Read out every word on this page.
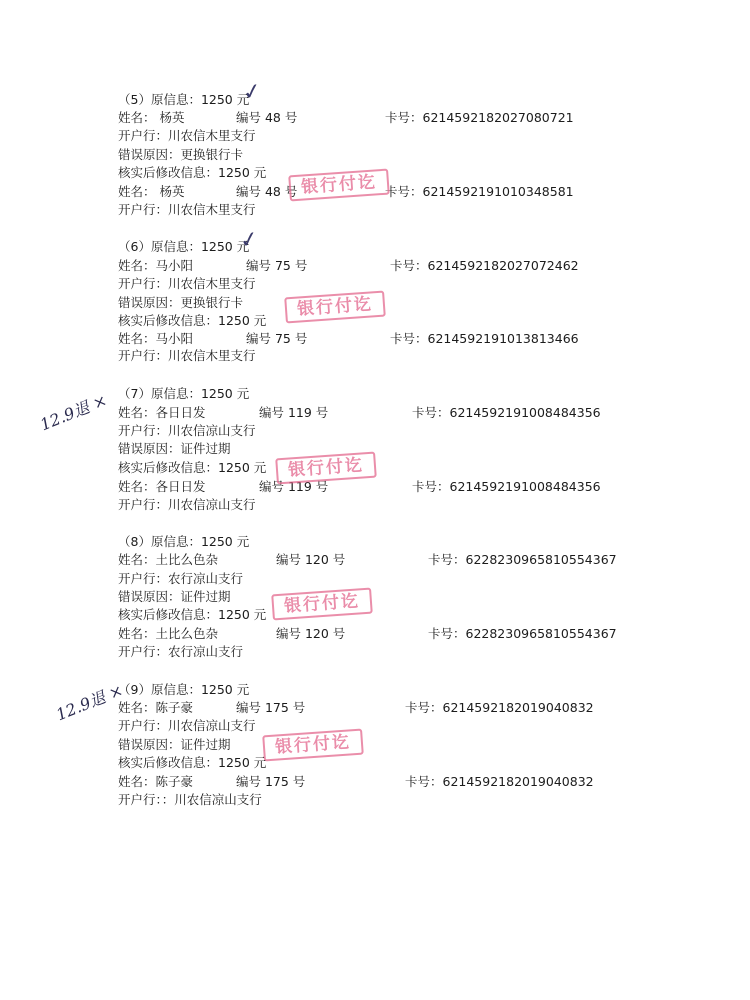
（5）原信息：1250 元
姓名： 杨英	编号 48 号	卡号：6214592182027080721
开户行：川农信木里支行
错误原因：更换银行卡
核实后修改信息：1250 元
姓名： 杨英	编号 48 号	卡号：6214592191010348581
开户行：川农信木里支行
（6）原信息：1250 元
姓名：马小阳	编号 75 号	卡号：6214592182027072462
开户行：川农信木里支行
错误原因：更换银行卡
核实后修改信息：1250 元
姓名：马小阳	编号 75 号	卡号：6214592191013813466
开户行：川农信木里支行
（7）原信息：1250 元
姓名：各日日发	编号 119 号	卡号：6214592191008484356
开户行：川农信凉山支行
错误原因：证件过期
核实后修改信息：1250 元
姓名：各日日发	编号 119 号	卡号：6214592191008484356
开户行：川农信凉山支行
（8）原信息：1250 元
姓名：土比么色杂	编号 120 号	卡号：6228230965810554367
开户行：农行凉山支行
错误原因：证件过期
核实后修改信息：1250 元
姓名：土比么色杂	编号 120 号	卡号：6228230965810554367
开户行：农行凉山支行
（9）原信息：1250 元
姓名：陈子豪	编号 175 号	卡号：6214592182019040832
开户行：川农信凉山支行
错误原因：证件过期
核实后修改信息：1250 元
姓名：陈子豪	编号 175 号	卡号：6214592182019040832
开户行：：川农信凉山支行
银行付讫
银行付讫
银行付讫
银行付讫
银行付讫
✓
✓
12.9退 ×
12.9退 ×
